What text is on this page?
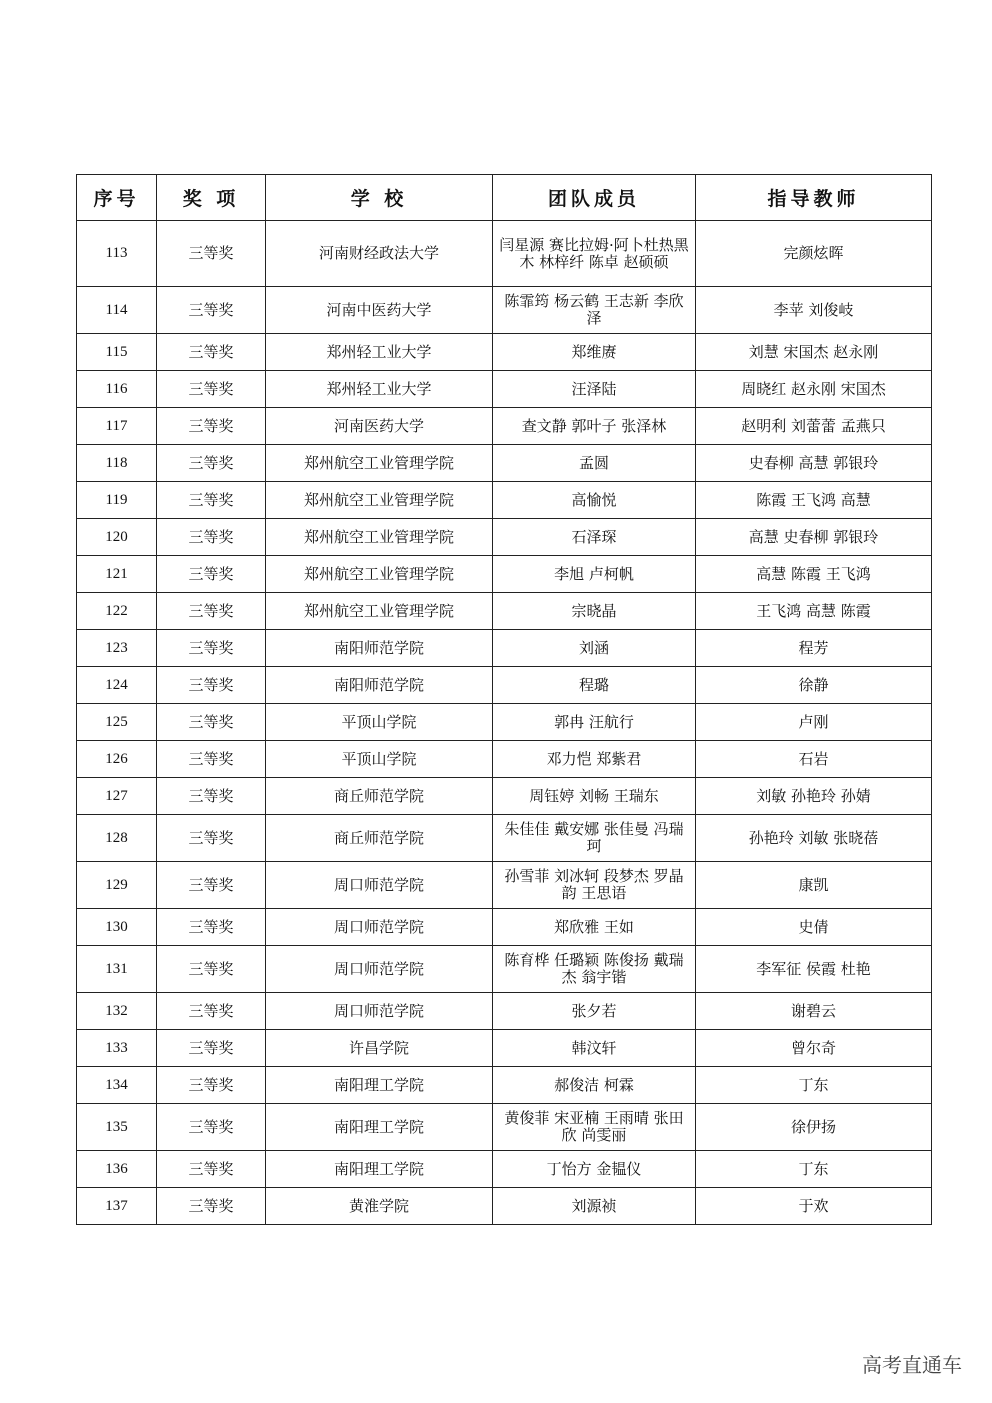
序号	奖 项	学 校	团队成员	指导教师
113	三等奖	河南财经政法大学	闫星源 赛比拉姆·阿卜杜热黑木 林梓纤 陈卓 赵硕硕	完颜炫晖
114	三等奖	河南中医药大学	陈霏筠 杨云鹤 王志新 李欣泽	李苹 刘俊岐
115	三等奖	郑州轻工业大学	郑维赓	刘慧 宋国杰 赵永刚
116	三等奖	郑州轻工业大学	汪泽陆	周晓红 赵永刚 宋国杰
117	三等奖	河南医药大学	查文静 郭叶子 张泽林	赵明利 刘蕾蕾 孟燕只
118	三等奖	郑州航空工业管理学院	孟圆	史春柳 高慧 郭银玲
119	三等奖	郑州航空工业管理学院	高愉悦	陈霞 王飞鸿 高慧
120	三等奖	郑州航空工业管理学院	石泽琛	高慧 史春柳 郭银玲
121	三等奖	郑州航空工业管理学院	李旭 卢柯帆	高慧 陈霞 王飞鸿
122	三等奖	郑州航空工业管理学院	宗晓晶	王飞鸿 高慧 陈霞
123	三等奖	南阳师范学院	刘涵	程芳
124	三等奖	南阳师范学院	程璐	徐静
125	三等奖	平顶山学院	郭冉 汪航行	卢刚
126	三等奖	平顶山学院	邓力恺 郑紫君	石岩
127	三等奖	商丘师范学院	周钰婷 刘畅 王瑞东	刘敏 孙艳玲 孙婧
128	三等奖	商丘师范学院	朱佳佳 戴安娜 张佳曼 冯瑞珂	孙艳玲 刘敏 张晓蓓
129	三等奖	周口师范学院	孙雪菲 刘冰轲 段梦杰 罗晶韵 王思语	康凯
130	三等奖	周口师范学院	郑欣雅 王如	史倩
131	三等奖	周口师范学院	陈育桦 任璐颖 陈俊扬 戴瑞杰 翁宇锴	李军征 侯霞 杜艳
132	三等奖	周口师范学院	张夕若	谢碧云
133	三等奖	许昌学院	韩汶轩	曾尔奇
134	三等奖	南阳理工学院	郝俊洁 柯霖	丁东
135	三等奖	南阳理工学院	黄俊菲 宋亚楠 王雨晴 张田欣 尚雯丽	徐伊扬
136	三等奖	南阳理工学院	丁怡方 金韫仪	丁东
137	三等奖	黄淮学院	刘源祯	于欢
高考直通车
